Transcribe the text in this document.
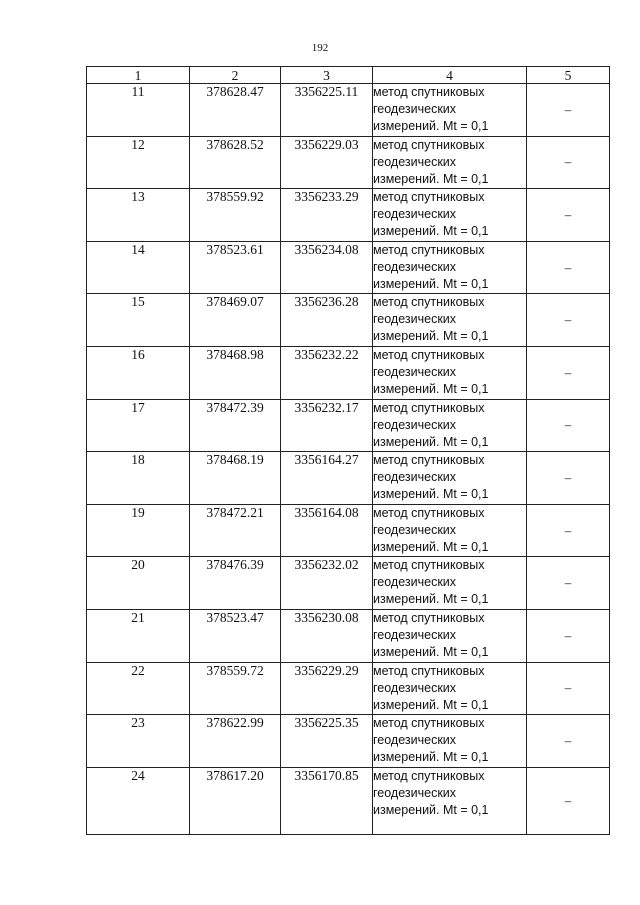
192
1	2	3	4	5
11	378628.47	3356225.11	метод спутниковых
геодезических
измерений. Mt = 0,1	–
12	378628.52	3356229.03	метод спутниковых
геодезических
измерений. Mt = 0,1	–
13	378559.92	3356233.29	метод спутниковых
геодезических
измерений. Mt = 0,1	–
14	378523.61	3356234.08	метод спутниковых
геодезических
измерений. Mt = 0,1	–
15	378469.07	3356236.28	метод спутниковых
геодезических
измерений. Mt = 0,1	–
16	378468.98	3356232.22	метод спутниковых
геодезических
измерений. Mt = 0,1	–
17	378472.39	3356232.17	метод спутниковых
геодезических
измерений. Mt = 0,1	–
18	378468.19	3356164.27	метод спутниковых
геодезических
измерений. Mt = 0,1	–
19	378472.21	3356164.08	метод спутниковых
геодезических
измерений. Mt = 0,1	–
20	378476.39	3356232.02	метод спутниковых
геодезических
измерений. Mt = 0,1	–
21	378523.47	3356230.08	метод спутниковых
геодезических
измерений. Mt = 0,1	–
22	378559.72	3356229.29	метод спутниковых
геодезических
измерений. Mt = 0,1	–
23	378622.99	3356225.35	метод спутниковых
геодезических
измерений. Mt = 0,1	–
24	378617.20	3356170.85	метод спутниковых
геодезических
измерений. Mt = 0,1	–
